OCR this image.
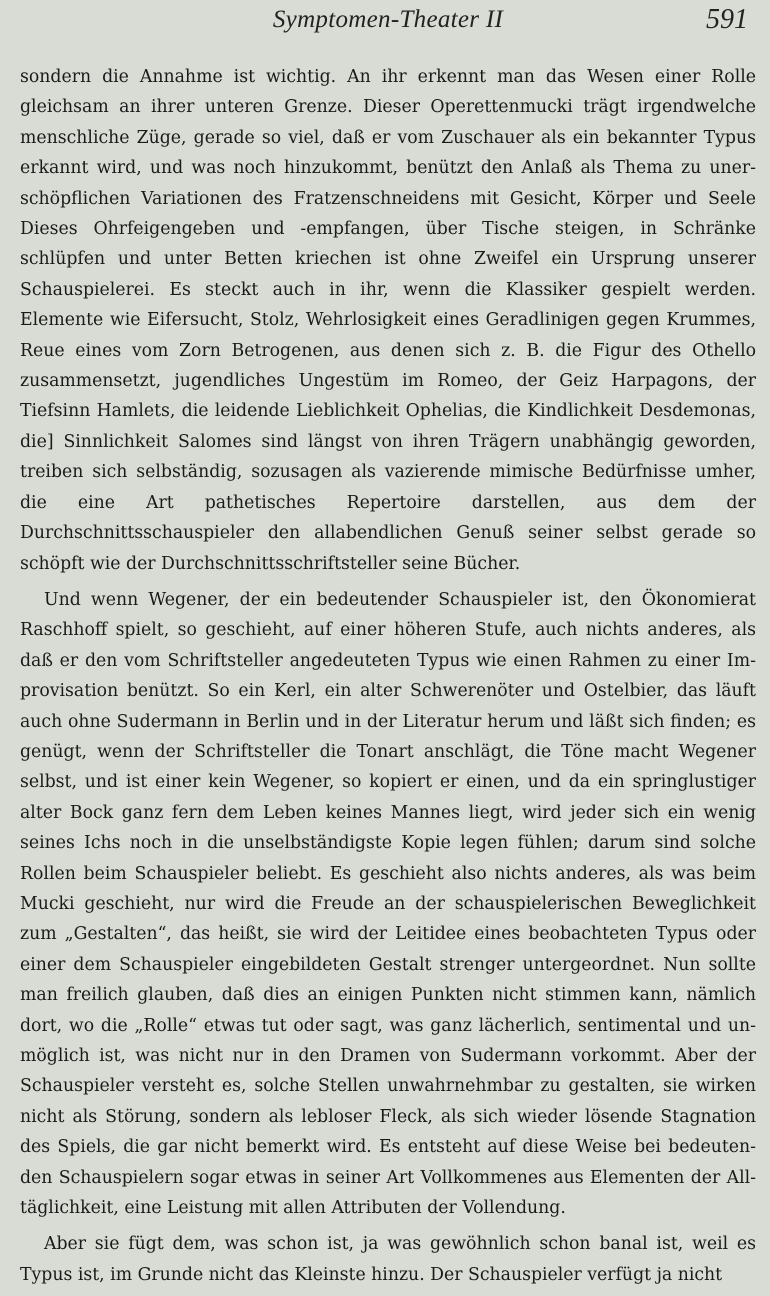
Symptomen-Theater II	591

sondern die Annahme ist wichtig. An ihr erkennt man das Wesen einer Rolle gleichsam an ihrer unteren Grenze. Dieser Operettenmucki trägt irgendwelche menschliche Züge, gerade so viel, daß er vom Zuschauer als ein bekannter Typus erkannt wird, und was noch hinzukommt, benützt den Anlaß als Thema zu unerschöpflichen Variationen des Fratzenschneidens mit Gesicht, Körper und Seele Dieses Ohrfeigengeben und -empfangen, über Tische steigen, in Schränke schlüpfen und unter Betten kriechen ist ohne Zweifel ein Ursprung unserer Schauspielerei. Es steckt auch in ihr, wenn die Klassiker gespielt werden. Elemente wie Eifersucht, Stolz, Wehrlosigkeit eines Geradlinigen gegen Krummes, Reue eines vom Zorn Betrogenen, aus denen sich z. B. die Figur des Othello zusammensetzt, jugendliches Ungestüm im Romeo, der Geiz Harpagons, der Tiefsinn Hamlets, die leidende Lieblichkeit Ophelias, die Kindlichkeit Desdemonas, die] Sinnlichkeit Salomes sind längst von ihren Trägern unabhängig geworden, treiben sich selbständig, sozusagen als vazierende mimische Bedürfnisse umher, die eine Art pathetisches Repertoire darstellen, aus dem der Durchschnittsschauspieler den allabendlichen Genuß seiner selbst gerade so schöpft wie der Durchschnittsschriftsteller seine Bücher.

Und wenn Wegener, der ein bedeutender Schauspieler ist, den Ökonomierat Raschhoff spielt, so geschieht, auf einer höheren Stufe, auch nichts anderes, als daß er den vom Schriftsteller angedeuteten Typus wie einen Rahmen zu einer Improvisation benützt. So ein Kerl, ein alter Schwerenöter und Ostelbier, das läuft auch ohne Sudermann in Berlin und in der Literatur herum und läßt sich finden; es genügt, wenn der Schriftsteller die Tonart anschlägt, die Töne macht Wegener selbst, und ist einer kein Wegener, so kopiert er einen, und da ein springlustiger alter Bock ganz fern dem Leben keines Mannes liegt, wird jeder sich ein wenig seines Ichs noch in die unselbständigste Kopie legen fühlen; darum sind solche Rollen beim Schauspieler beliebt. Es geschieht also nichts anderes, als was beim Mucki geschieht, nur wird die Freude an der schauspielerischen Beweglichkeit zum „Gestalten“, das heißt, sie wird der Leitidee eines beobachteten Typus oder einer dem Schauspieler eingebildeten Gestalt strenger untergeordnet. Nun sollte man freilich glauben, daß dies an einigen Punkten nicht stimmen kann, nämlich dort, wo die „Rolle“ etwas tut oder sagt, was ganz lächerlich, sentimental und unmöglich ist, was nicht nur in den Dramen von Sudermann vorkommt. Aber der Schauspieler versteht es, solche Stellen unwahrnehmbar zu gestalten, sie wirken nicht als Störung, sondern als lebloser Fleck, als sich wieder lösende Stagnation des Spiels, die gar nicht bemerkt wird. Es entsteht auf diese Weise bei bedeutenden Schauspielern sogar etwas in seiner Art Vollkommenes aus Elementen der Alltäglichkeit, eine Leistung mit allen Attributen der Vollendung.

Aber sie fügt dem, was schon ist, ja was gewöhnlich schon banal ist, weil es Typus ist, im Grunde nicht das Kleinste hinzu. Der Schauspieler verfügt ja nicht
